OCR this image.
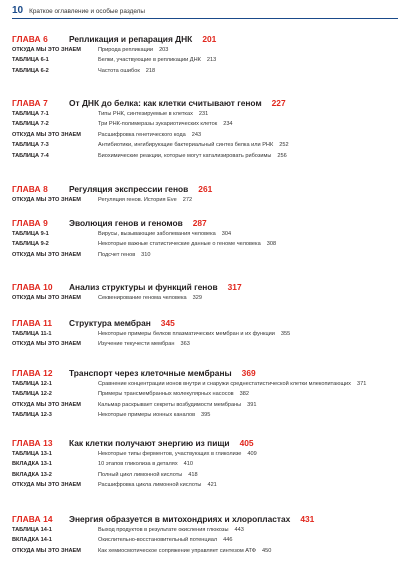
10 Краткое оглавление и особые разделы
ГЛАВА 6	Репликация и репарация ДНК 201
ОТКУДА МЫ ЭТО ЗНАЕМ	Природа репликации 203
ТАБЛИЦА 6-1	Белки, участвующие в репликации ДНК 213
ТАБЛИЦА 6-2	Частота ошибок 218
ГЛАВА 7	От ДНК до белка: как клетки считывают геном 227
ТАБЛИЦА 7-1	Типы РНК, синтезируемые в клетках 231
ТАБЛИЦА 7-2	Три РНК-полимеразы эукариотических клеток 234
ОТКУДА МЫ ЭТО ЗНАЕМ	Расшифровка генетического кода 243
ТАБЛИЦА 7-3	Антибиотики, ингибирующие бактериальный синтез белка или РНК 252
ТАБЛИЦА 7-4	Биохимические реакции, которые могут катализировать рибозимы 256
ГЛАВА 8	Регуляция экспрессии генов 261
ОТКУДА МЫ ЭТО ЗНАЕМ	Регуляция генов. История Eve 272
ГЛАВА 9	Эволюция генов и геномов 287
ТАБЛИЦА 9-1	Вирусы, вызывающие заболевания человека 304
ТАБЛИЦА 9-2	Некоторые важные статистические данные о геноме человека 308
ОТКУДА МЫ ЭТО ЗНАЕМ	Подсчет генов 310
ГЛАВА 10	Анализ структуры и функций генов 317
ОТКУДА МЫ ЭТО ЗНАЕМ	Секвенирование генома человека 329
ГЛАВА 11	Структура мембран 345
ТАБЛИЦА 11-1	Некоторые примеры белков плазматических мембран и их функции 355
ОТКУДА МЫ ЭТО ЗНАЕМ	Изучение текучести мембран 363
ГЛАВА 12	Транспорт через клеточные мембраны 369
ТАБЛИЦА 12-1	Сравнение концентрации ионов внутри и снаружи среднестатистической клетки млекопитающих 371
ТАБЛИЦА 12-2	Примеры трансмембранных молекулярных насосов 382
ОТКУДА МЫ ЭТО ЗНАЕМ	Кальмар раскрывает секреты возбудимости мембраны 391
ТАБЛИЦА 12-3	Некоторые примеры ионных каналов 395
ГЛАВА 13	Как клетки получают энергию из пищи 405
ТАБЛИЦА 13-1	Некоторые типы ферментов, участвующих в гликолизе 409
ВКЛАДКА 13-1	10 этапов гликолиза в деталях 410
ВКЛАДКА 13-2	Полный цикл лимонной кислоты 418
ОТКУДА МЫ ЭТО ЗНАЕМ	Расшифровка цикла лимонной кислоты 421
ГЛАВА 14	Энергия образуется в митохондриях и хлоропластах 431
ТАБЛИЦА 14-1	Выход продуктов в результате окисления глюкозы 443
ВКЛАДКА 14-1	Окислительно-восстановительный потенциал 446
ОТКУДА МЫ ЭТО ЗНАЕМ	Как хемиосмотическое сопряжение управляет синтезом АТФ 450
